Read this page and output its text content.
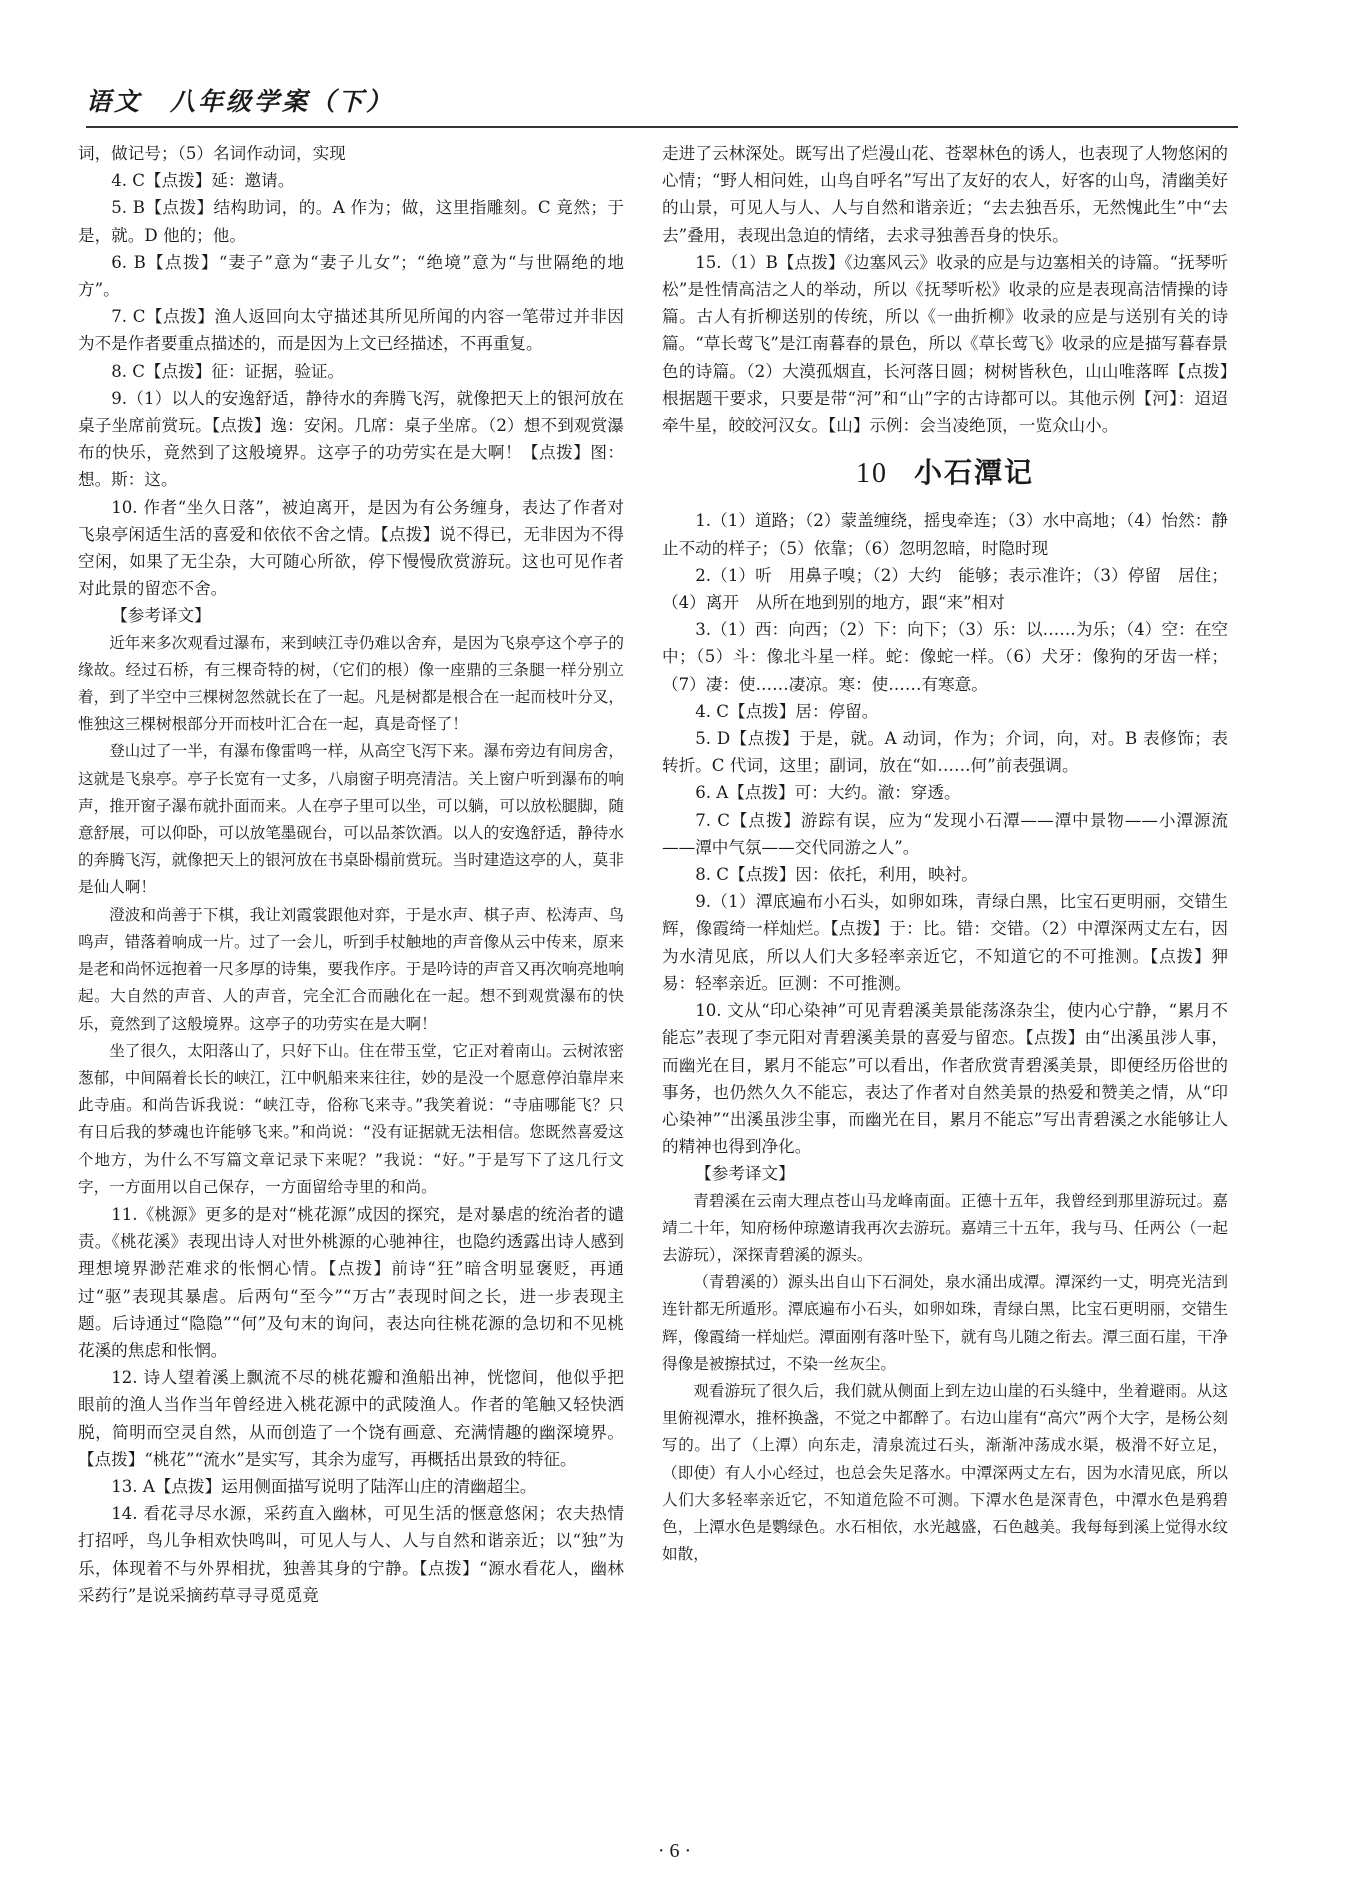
语文　八年级学案（下）

词，做记号；（5）名词作动词，实现

4. C【点拨】延：邀请。

5. B【点拨】结构助词，的。A 作为；做，这里指雕刻。C 竟然；于是，就。D 他的；他。

6. B【点拨】“妻子”意为“妻子儿女”；“绝境”意为“与世隔绝的地方”。

7. C【点拨】渔人返回向太守描述其所见所闻的内容一笔带过并非因为不是作者要重点描述的，而是因为上文已经描述，不再重复。

8. C【点拨】征：证据，验证。

9.（1）以人的安逸舒适，静待水的奔腾飞泻，就像把天上的银河放在桌子坐席前赏玩。【点拨】逸：安闲。几席：桌子坐席。（2）想不到观赏瀑布的快乐，竟然到了这般境界。这亭子的功劳实在是大啊！【点拨】图：想。斯：这。

10. 作者“坐久日落”，被迫离开，是因为有公务缠身，表达了作者对飞泉亭闲适生活的喜爱和依依不舍之情。【点拨】说不得已，无非因为不得空闲，如果了无尘杂，大可随心所欲，停下慢慢欣赏游玩。这也可见作者对此景的留恋不舍。

【参考译文】

近年来多次观看过瀑布，来到峡江寺仍难以舍弃，是因为飞泉亭这个亭子的缘故。经过石桥，有三棵奇特的树，（它们的根）像一座鼎的三条腿一样分别立着，到了半空中三棵树忽然就长在了一起。凡是树都是根合在一起而枝叶分叉，惟独这三棵树根部分开而枝叶汇合在一起，真是奇怪了！

登山过了一半，有瀑布像雷鸣一样，从高空飞泻下来。瀑布旁边有间房舍，这就是飞泉亭。亭子长宽有一丈多，八扇窗子明亮清洁。关上窗户听到瀑布的响声，推开窗子瀑布就扑面而来。人在亭子里可以坐，可以躺，可以放松腿脚，随意舒展，可以仰卧，可以放笔墨砚台，可以品茶饮酒。以人的安逸舒适，静待水的奔腾飞泻，就像把天上的银河放在书桌卧榻前赏玩。当时建造这亭的人，莫非是仙人啊！

澄波和尚善于下棋，我让刘霞裳跟他对弈，于是水声、棋子声、松涛声、鸟鸣声，错落着响成一片。过了一会儿，听到手杖触地的声音像从云中传来，原来是老和尚怀远抱着一尺多厚的诗集，要我作序。于是吟诗的声音又再次响亮地响起。大自然的声音、人的声音，完全汇合而融化在一起。想不到观赏瀑布的快乐，竟然到了这般境界。这亭子的功劳实在是大啊！

坐了很久，太阳落山了，只好下山。住在带玉堂，它正对着南山。云树浓密葱郁，中间隔着长长的峡江，江中帆船来来往往，妙的是没一个愿意停泊靠岸来此寺庙。和尚告诉我说：“峡江寺，俗称飞来寺。”我笑着说：“寺庙哪能飞？只有日后我的梦魂也许能够飞来。”和尚说：“没有证据就无法相信。您既然喜爱这个地方，为什么不写篇文章记录下来呢？”我说：“好。”于是写下了这几行文字，一方面用以自己保存，一方面留给寺里的和尚。

11.《桃源》更多的是对“桃花源”成因的探究，是对暴虐的统治者的谴责。《桃花溪》表现出诗人对世外桃源的心驰神往，也隐约透露出诗人感到理想境界渺茫难求的怅惘心情。【点拨】前诗“狂”暗含明显褒贬，再通过“驱”表现其暴虐。后两句“至今”“万古”表现时间之长，进一步表现主题。后诗通过“隐隐”“何”及句末的询问，表达向往桃花源的急切和不见桃花溪的焦虑和怅惘。

12. 诗人望着溪上飘流不尽的桃花瓣和渔船出神，恍惚间，他似乎把眼前的渔人当作当年曾经进入桃花源中的武陵渔人。作者的笔触又轻快洒脱，简明而空灵自然，从而创造了一个饶有画意、充满情趣的幽深境界。【点拨】“桃花”“流水”是实写，其余为虚写，再概括出景致的特征。

13. A【点拨】运用侧面描写说明了陆浑山庄的清幽超尘。

14. 看花寻尽水源，采药直入幽林，可见生活的惬意悠闲；农夫热情打招呼，鸟儿争相欢快鸣叫，可见人与人、人与自然和谐亲近；以“独”为乐，体现着不与外界相扰，独善其身的宁静。【点拨】“源水看花人，幽林采药行”是说采摘药草寻寻觅觅竟

走进了云林深处。既写出了烂漫山花、苍翠林色的诱人，也表现了人物悠闲的心情；“野人相问姓，山鸟自呼名”写出了友好的农人，好客的山鸟，清幽美好的山景，可见人与人、人与自然和谐亲近；“去去独吾乐，无然愧此生”中“去去”叠用，表现出急迫的情绪，去求寻独善吾身的快乐。

15.（1）B【点拨】《边塞风云》收录的应是与边塞相关的诗篇。“抚琴听松”是性情高洁之人的举动，所以《抚琴听松》收录的应是表现高洁情操的诗篇。古人有折柳送别的传统，所以《一曲折柳》收录的应是与送别有关的诗篇。“草长莺飞”是江南暮春的景色，所以《草长莺飞》收录的应是描写暮春景色的诗篇。（2）大漠孤烟直，长河落日圆；树树皆秋色，山山唯落晖【点拨】根据题干要求，只要是带“河”和“山”字的古诗都可以。其他示例【河】：迢迢牵牛星，皎皎河汉女。【山】示例：会当凌绝顶，一览众山小。

10 小石潭记

1.（1）道路；（2）蒙盖缠绕，摇曳牵连；（3）水中高地；（4）怡然：静止不动的样子；（5）依靠；（6）忽明忽暗，时隐时现

2.（1）听　用鼻子嗅；（2）大约　能够；表示准许；（3）停留　居住；（4）离开　从所在地到别的地方，跟“来”相对

3.（1）西：向西；（2）下：向下；（3）乐：以……为乐；（4）空：在空中；（5）斗：像北斗星一样。蛇：像蛇一样。（6）犬牙：像狗的牙齿一样；（7）凄：使……凄凉。寒：使……有寒意。

4. C【点拨】居：停留。

5. D【点拨】于是，就。A 动词，作为；介词，向，对。B 表修饰；表转折。C 代词，这里；副词，放在“如……何”前表强调。

6. A【点拨】可：大约。澈：穿透。

7. C【点拨】游踪有误，应为“发现小石潭——潭中景物——小潭源流——潭中气氛——交代同游之人”。

8. C【点拨】因：依托，利用，映衬。

9.（1）潭底遍布小石头，如卵如珠，青绿白黑，比宝石更明丽，交错生辉，像霞绮一样灿烂。【点拨】于：比。错：交错。（2）中潭深两丈左右，因为水清见底，所以人们大多轻率亲近它，不知道它的不可推测。【点拨】狎易：轻率亲近。叵测：不可推测。

10. 文从“印心染神”可见青碧溪美景能荡涤杂尘，使内心宁静，“累月不能忘”表现了李元阳对青碧溪美景的喜爱与留恋。【点拨】由“出溪虽涉人事，而幽光在目，累月不能忘”可以看出，作者欣赏青碧溪美景，即便经历俗世的事务，也仍然久久不能忘，表达了作者对自然美景的热爱和赞美之情，从“印心染神”“出溪虽涉尘事，而幽光在目，累月不能忘”写出青碧溪之水能够让人的精神也得到净化。

【参考译文】

青碧溪在云南大理点苍山马龙峰南面。正德十五年，我曾经到那里游玩过。嘉靖二十年，知府杨仲琼邀请我再次去游玩。嘉靖三十五年，我与马、任两公（一起去游玩），深探青碧溪的源头。

（青碧溪的）源头出自山下石洞处，泉水涌出成潭。潭深约一丈，明亮光洁到连针都无所遁形。潭底遍布小石头，如卵如珠，青绿白黑，比宝石更明丽，交错生辉，像霞绮一样灿烂。潭面刚有落叶坠下，就有鸟儿随之衔去。潭三面石崖，干净得像是被擦拭过，不染一丝灰尘。

观看游玩了很久后，我们就从侧面上到左边山崖的石头缝中，坐着避雨。从这里俯视潭水，推杯换盏，不觉之中都醉了。右边山崖有“高穴”两个大字，是杨公刻写的。出了（上潭）向东走，清泉流过石头，渐渐冲荡成水渠，极滑不好立足，（即使）有人小心经过，也总会失足落水。中潭深两丈左右，因为水清见底，所以人们大多轻率亲近它，不知道危险不可测。下潭水色是深青色，中潭水色是鸦碧色，上潭水色是鹦绿色。水石相依，水光越盛，石色越美。我每每到溪上觉得水纹如散，

· 6 ·
